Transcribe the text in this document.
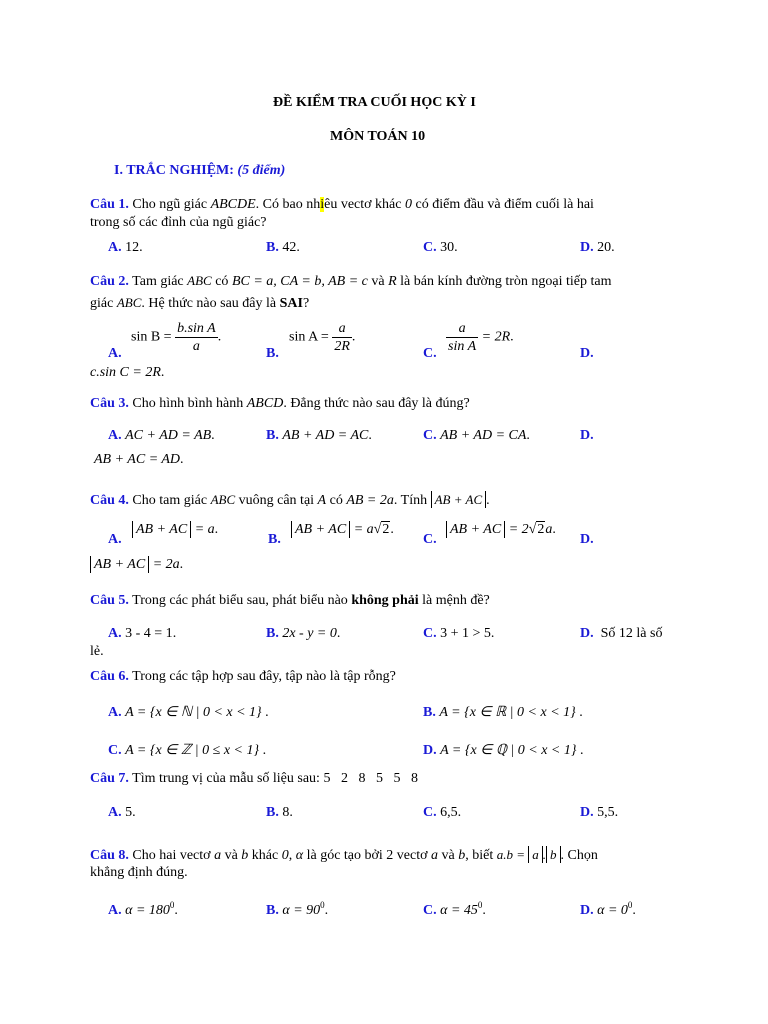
ĐỀ KIỂM TRA CUỐI HỌC KỲ I
MÔN TOÁN 10
I. TRẮC NGHIỆM: (5 điểm)
Câu 1. Cho ngũ giác ABCDE. Có bao nhiêu vectơ khác 0 có điểm đầu và điểm cuối là hai
trong số các đỉnh của ngũ giác?
A. 12.	B. 42.	C. 30.	D. 20.
Câu 2. Tam giác ABC có BC = a, CA = b, AB = c và R là bán kính đường tròn ngoại tiếp tam
giác ABC. Hệ thức nào sau đây là SAI?
A.
$\sin B = \frac{\text{b.sin A}}{a}$ .
B.
$\sin A = \frac{a}{2R}$ .
C. $\frac{a}{\text{sin A}} = 2R$.
D.
c.sin C = 2R.
Câu 3. Cho hình bình hành ABCD. Đẳng thức nào sau đây là đúng?
A. AC + AD = AB.	B. AB + AD = AC.	C. AB + AD = CA.	D.
AB + AC = AD.
Câu 4. Cho tam giác ABC vuông cân tại A có AB = 2a. Tính AB + AC .
A.
AB + AC = a.
B.
AB + AC = a√2.
C.
AB + AC = 2√2a.
D.
AB + AC = 2a.
Câu 5. Trong các phát biểu sau, phát biểu nào không phải là mệnh đề?
A. 3 - 4 = 1.	B. 2x - y = 0.	C. 3 + 1 > 5.	D. Số 12 là số
lẻ.
Câu 6. Trong các tập hợp sau đây, tập nào là tập rỗng?
A. A = {x ∈ ℕ | 0 < x < 1} .	B. A = {x ∈ ℝ | 0 < x < 1} .
C. A = {x ∈ ℤ | 0 ≤ x < 1} .	D. A = {x ∈ ℚ | 0 < x < 1} .
Câu 7. Tìm trung vị của mẫu số liệu sau: 5   2   8   5   5   8
A. 5.	B. 8.	C. 6,5.	D. 5,5.
Câu 8. Cho hai vectơ a và b khác 0, α là góc tạo bởi 2 vectơ a và b, biết a.b = a . b . Chọn
khẳng định đúng.
A. $\alpha = 180^0$.	B. $\alpha = 90^0$.	C. $\alpha = 45^0$.	D. $\alpha = 0^0$.
